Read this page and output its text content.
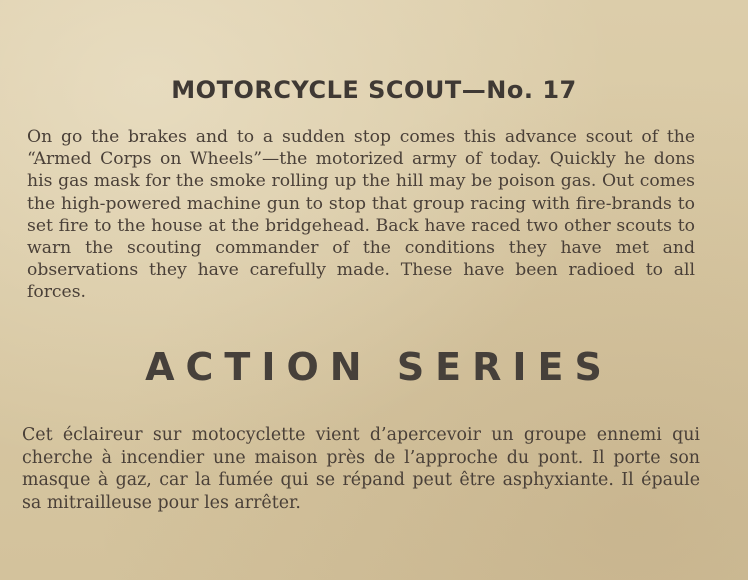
MOTORCYCLE SCOUT—No. 17

On go the brakes and to a sudden stop comes this advance scout of the “Armed Corps on Wheels”—the motorized army of today. Quickly he dons his gas mask for the smoke rolling up the hill may be poison gas. Out comes the high-powered machine gun to stop that group racing with fire-brands to set fire to the house at the bridgehead. Back have raced two other scouts to warn the scouting commander of the conditions they have met and observations they have carefully made. These have been radioed to all forces.

ACTION SERIES

Cet éclaireur sur motocyclette vient d’apercevoir un groupe ennemi qui cherche à incendier une maison près de l’approche du pont. Il porte son masque à gaz, car la fumée qui se répand peut être asphyxiante. Il épaule sa mitrailleuse pour les arrêter.
